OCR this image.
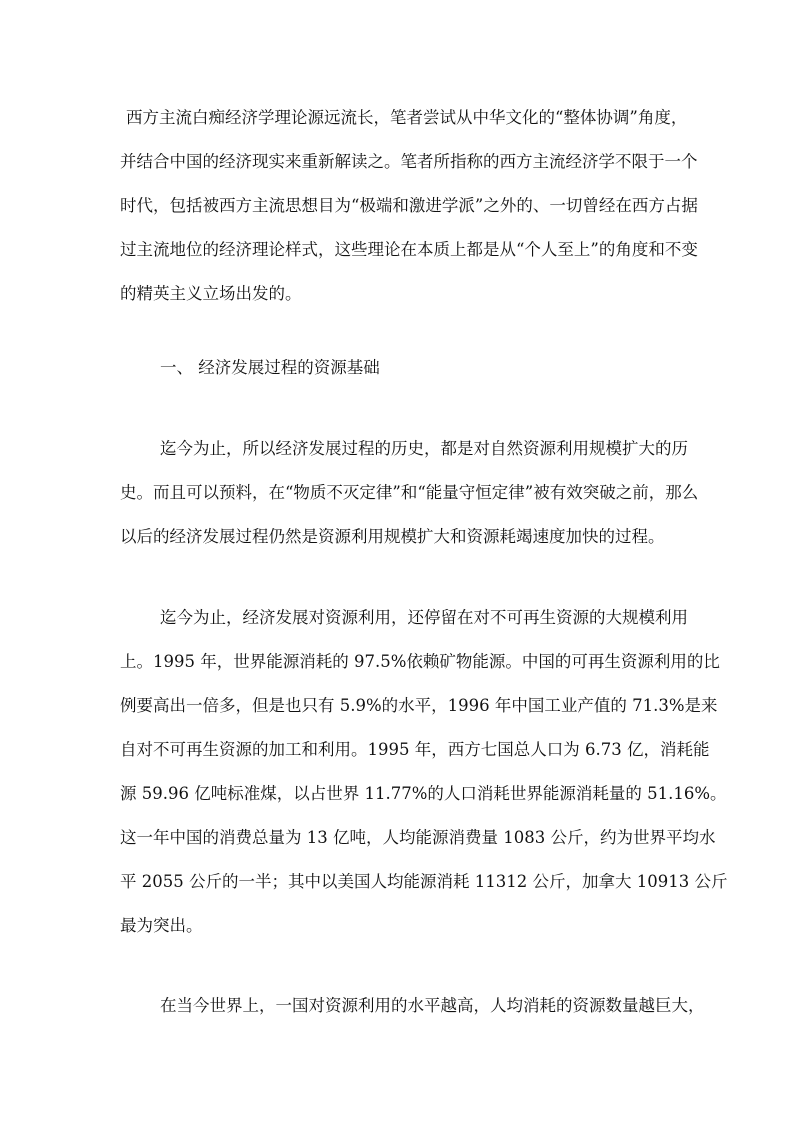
西方主流白痴经济学理论源远流长，笔者尝试从中华文化的“整体协调”角度，
并结合中国的经济现实来重新解读之。笔者所指称的西方主流经济学不限于一个
时代，包括被西方主流思想目为“极端和激进学派”之外的、一切曾经在西方占据
过主流地位的经济理论样式，这些理论在本质上都是从“个人至上”的角度和不变
的精英主义立场出发的。
一、 经济发展过程的资源基础
迄今为止，所以经济发展过程的历史，都是对自然资源利用规模扩大的历
史。而且可以预料，在“物质不灭定律”和“能量守恒定律”被有效突破之前，那么
以后的经济发展过程仍然是资源利用规模扩大和资源耗竭速度加快的过程。
迄今为止，经济发展对资源利用，还停留在对不可再生资源的大规模利用
上。1995 年，世界能源消耗的 97.5%依赖矿物能源。中国的可再生资源利用的比
例要高出一倍多，但是也只有 5.9%的水平，1996 年中国工业产值的 71.3%是来
自对不可再生资源的加工和利用。1995 年，西方七国总人口为 6.73 亿，消耗能
源 59.96 亿吨标准煤，以占世界 11.77%的人口消耗世界能源消耗量的 51.16%。
这一年中国的消费总量为 13 亿吨，人均能源消费量 1083 公斤，约为世界平均水
平 2055 公斤的一半；其中以美国人均能源消耗 11312 公斤，加拿大 10913 公斤
最为突出。
在当今世界上，一国对资源利用的水平越高，人均消耗的资源数量越巨大，
